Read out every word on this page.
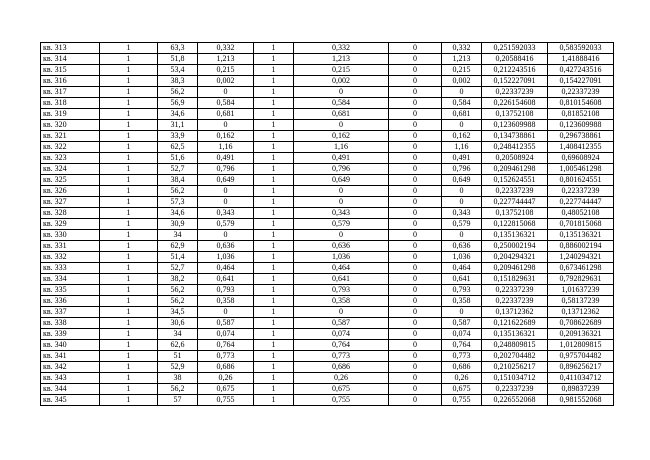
кв. 313	1	63,3	0,332	1	0,332	0	0,332	0,251592033	0,583592033
кв. 314	1	51,8	1,213	1	1,213	0	1,213	0,20588416	1,41888416
кв. 315	1	53,4	0,215	1	0,215	0	0,215	0,212243516	0,427243516
кв. 316	1	38,3	0,002	1	0,002	0	0,002	0,152227091	0,154227091
кв. 317	1	56,2	0	1	0	0	0	0,22337239	0,22337239
кв. 318	1	56,9	0,584	1	0,584	0	0,584	0,226154608	0,810154608
кв. 319	1	34,6	0,681	1	0,681	0	0,681	0,13752108	0,81852108
кв. 320	1	31,1	0	1	0	0	0	0,123609988	0,123609988
кв. 321	1	33,9	0,162	1	0,162	0	0,162	0,134738861	0,296738861
кв. 322	1	62,5	1,16	1	1,16	0	1,16	0,248412355	1,408412355
кв. 323	1	51,6	0,491	1	0,491	0	0,491	0,20508924	0,69608924
кв. 324	1	52,7	0,796	1	0,796	0	0,796	0,209461298	1,005461298
кв. 325	1	38,4	0,649	1	0,649	0	0,649	0,152624551	0,801624551
кв. 326	1	56,2	0	1	0	0	0	0,22337239	0,22337239
кв. 327	1	57,3	0	1	0	0	0	0,227744447	0,227744447
кв. 328	1	34,6	0,343	1	0,343	0	0,343	0,13752108	0,48052108
кв. 329	1	30,9	0,579	1	0,579	0	0,579	0,122815068	0,701815068
кв. 330	1	34	0	1	0	0	0	0,135136321	0,135136321
кв. 331	1	62,9	0,636	1	0,636	0	0,636	0,250002194	0,886002194
кв. 332	1	51,4	1,036	1	1,036	0	1,036	0,204294321	1,240294321
кв. 333	1	52,7	0,464	1	0,464	0	0,464	0,209461298	0,673461298
кв. 334	1	38,2	0,641	1	0,641	0	0,641	0,151829631	0,792829631
кв. 335	1	56,2	0,793	1	0,793	0	0,793	0,22337239	1,01637239
кв. 336	1	56,2	0,358	1	0,358	0	0,358	0,22337239	0,58137239
кв. 337	1	34,5	0	1	0	0	0	0,13712362	0,13712362
кв. 338	1	30,6	0,587	1	0,587	0	0,587	0,121622689	0,708622689
кв. 339	1	34	0,074	1	0,074	0	0,074	0,135136321	0,209136321
кв. 340	1	62,6	0,764	1	0,764	0	0,764	0,248809815	1,012809815
кв. 341	1	51	0,773	1	0,773	0	0,773	0,202704482	0,975704482
кв. 342	1	52,9	0,686	1	0,686	0	0,686	0,210256217	0,896256217
кв. 343	1	38	0,26	1	0,26	0	0,26	0,151034712	0,411034712
кв. 344	1	56,2	0,675	1	0,675	0	0,675	0,22337239	0,89837239
кв. 345	1	57	0,755	1	0,755	0	0,755	0,226552068	0,981552068
